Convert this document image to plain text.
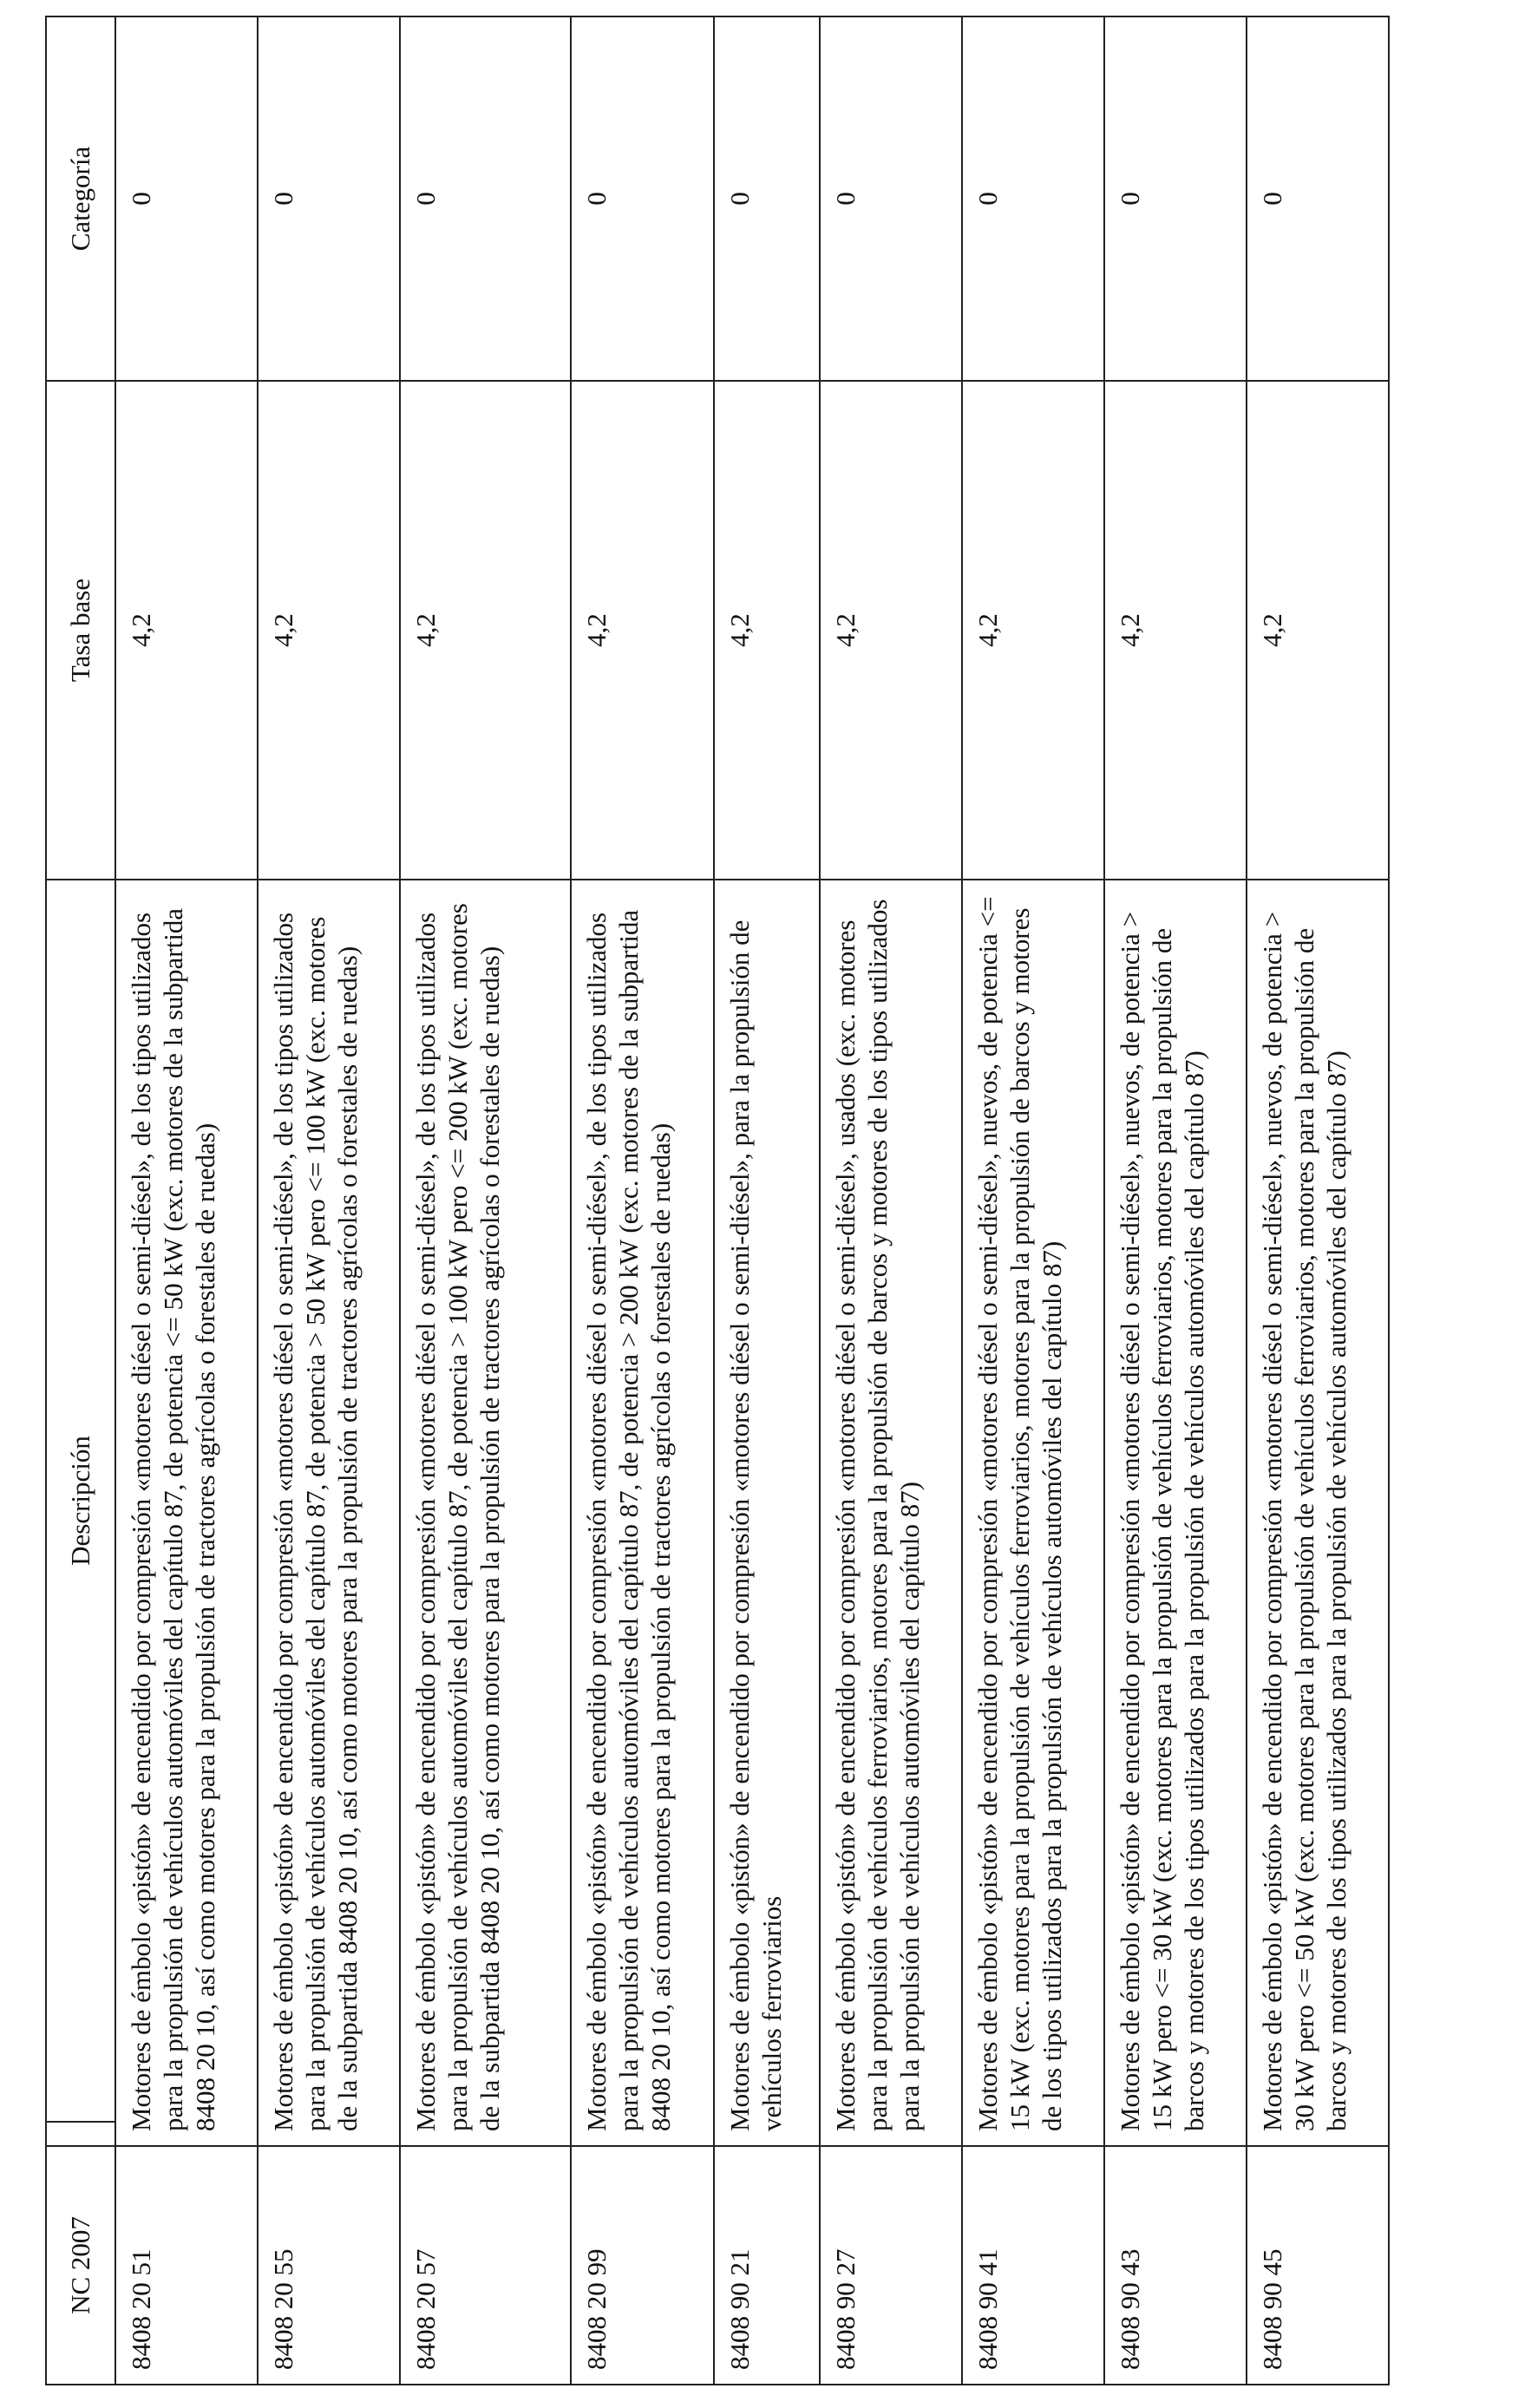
NC 2007		Descripción	Tasa base	Categoría
8408 20 51	Motores de émbolo «pistón» de encendido por compresión «motores diésel o semi-diésel», de los tipos utilizados para la propulsión de vehículos automóviles del capítulo 87, de potencia <= 50 kW (exc. motores de la subpartida 8408 20 10, así como motores para la propulsión de tractores agrícolas o forestales de ruedas)		4,2	0
8408 20 55	Motores de émbolo «pistón» de encendido por compresión «motores diésel o semi-diésel», de los tipos utilizados para la propulsión de vehículos automóviles del capítulo 87, de potencia > 50 kW pero <= 100 kW (exc. motores de la subpartida 8408 20 10, así como motores para la propulsión de tractores agrícolas o forestales de ruedas)		4,2	0
8408 20 57	Motores de émbolo «pistón» de encendido por compresión «motores diésel o semi-diésel», de los tipos utilizados para la propulsión de vehículos automóviles del capítulo 87, de potencia > 100 kW pero <= 200 kW (exc. motores de la subpartida 8408 20 10, así como motores para la propulsión de tractores agrícolas o forestales de ruedas)		4,2	0
8408 20 99	Motores de émbolo «pistón» de encendido por compresión «motores diésel o semi-diésel», de los tipos utilizados para la propulsión de vehículos automóviles del capítulo 87, de potencia > 200 kW (exc. motores de la subpartida 8408 20 10, así como motores para la propulsión de tractores agrícolas o forestales de ruedas)		4,2	0
8408 90 21	Motores de émbolo «pistón» de encendido por compresión «motores diésel o semi-diésel», para la propulsión de vehículos ferroviarios		4,2	0
8408 90 27	Motores de émbolo «pistón» de encendido por compresión «motores diésel o semi-diésel», usados (exc. motores para la propulsión de vehículos ferroviarios, motores para la propulsión de barcos y motores de los tipos utilizados para la propulsión de vehículos automóviles del capítulo 87)		4,2	0
8408 90 41	Motores de émbolo «pistón» de encendido por compresión «motores diésel o semi-diésel», nuevos, de potencia <= 15 kW (exc. motores para la propulsión de vehículos ferroviarios, motores para la propulsión de barcos y motores de los tipos utilizados para la propulsión de vehículos automóviles del capítulo 87)		4,2	0
8408 90 43	Motores de émbolo «pistón» de encendido por compresión «motores diésel o semi-diésel», nuevos, de potencia > 15 kW pero <= 30 kW (exc. motores para la propulsión de vehículos ferroviarios, motores para la propulsión de barcos y motores de los tipos utilizados para la propulsión de vehículos automóviles del capítulo 87)		4,2	0
8408 90 45	Motores de émbolo «pistón» de encendido por compresión «motores diésel o semi-diésel», nuevos, de potencia > 30 kW pero <= 50 kW (exc. motores para la propulsión de vehículos ferroviarios, motores para la propulsión de barcos y motores de los tipos utilizados para la propulsión de vehículos automóviles del capítulo 87)		4,2	0
